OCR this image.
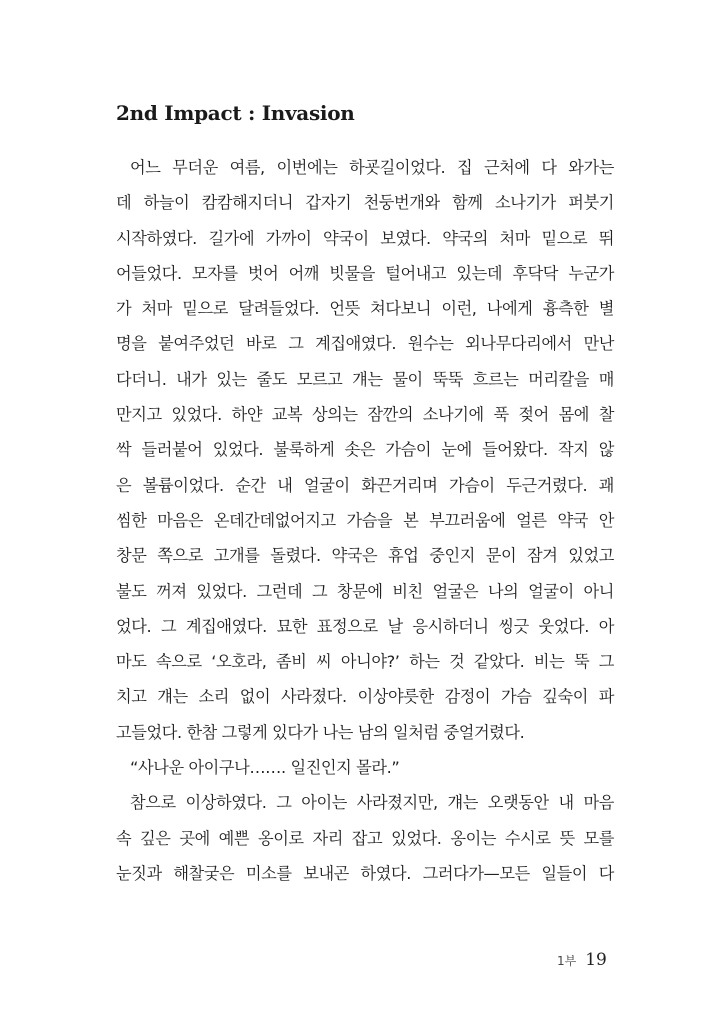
2nd Impact : Invasion
어느 무더운 여름, 이번에는 하굣길이었다. 집 근처에 다 와가는
데 하늘이 캄캄해지더니 갑자기 천둥번개와 함께 소나기가 퍼붓기
시작하였다. 길가에 가까이 약국이 보였다. 약국의 처마 밑으로 뛰
어들었다. 모자를 벗어 어깨 빗물을 털어내고 있는데 후닥닥 누군가
가 처마 밑으로 달려들었다. 언뜻 쳐다보니 이런, 나에게 흉측한 별
명을 붙여주었던 바로 그 계집애였다. 원수는 외나무다리에서 만난
다더니. 내가 있는 줄도 모르고 걔는 물이 뚝뚝 흐르는 머리칼을 매
만지고 있었다. 하얀 교복 상의는 잠깐의 소나기에 푹 젖어 몸에 찰
싹 들러붙어 있었다. 불룩하게 솟은 가슴이 눈에 들어왔다. 작지 않
은 볼륨이었다. 순간 내 얼굴이 화끈거리며 가슴이 두근거렸다. 괘
씸한 마음은 온데간데없어지고 가슴을 본 부끄러움에 얼른 약국 안
창문 쪽으로 고개를 돌렸다. 약국은 휴업 중인지 문이 잠겨 있었고
불도 꺼져 있었다. 그런데 그 창문에 비친 얼굴은 나의 얼굴이 아니
었다. 그 계집애였다. 묘한 표정으로 날 응시하더니 씽긋 웃었다. 아
마도 속으로 ‘오호라, 좀비 씨 아니야?’ 하는 것 같았다. 비는 뚝 그
치고 걔는 소리 없이 사라졌다. 이상야릇한 감정이 가슴 깊숙이 파
고들었다. 한참 그렇게 있다가 나는 남의 일처럼 중얼거렸다.
“사나운 아이구나……. 일진인지 몰라.”
참으로 이상하였다. 그 아이는 사라졌지만, 걔는 오랫동안 내 마음
속 깊은 곳에 예쁜 옹이로 자리 잡고 있었다. 옹이는 수시로 뜻 모를
눈짓과 해찰궂은 미소를 보내곤 하였다. 그러다가—모든 일들이 다
1부 19
